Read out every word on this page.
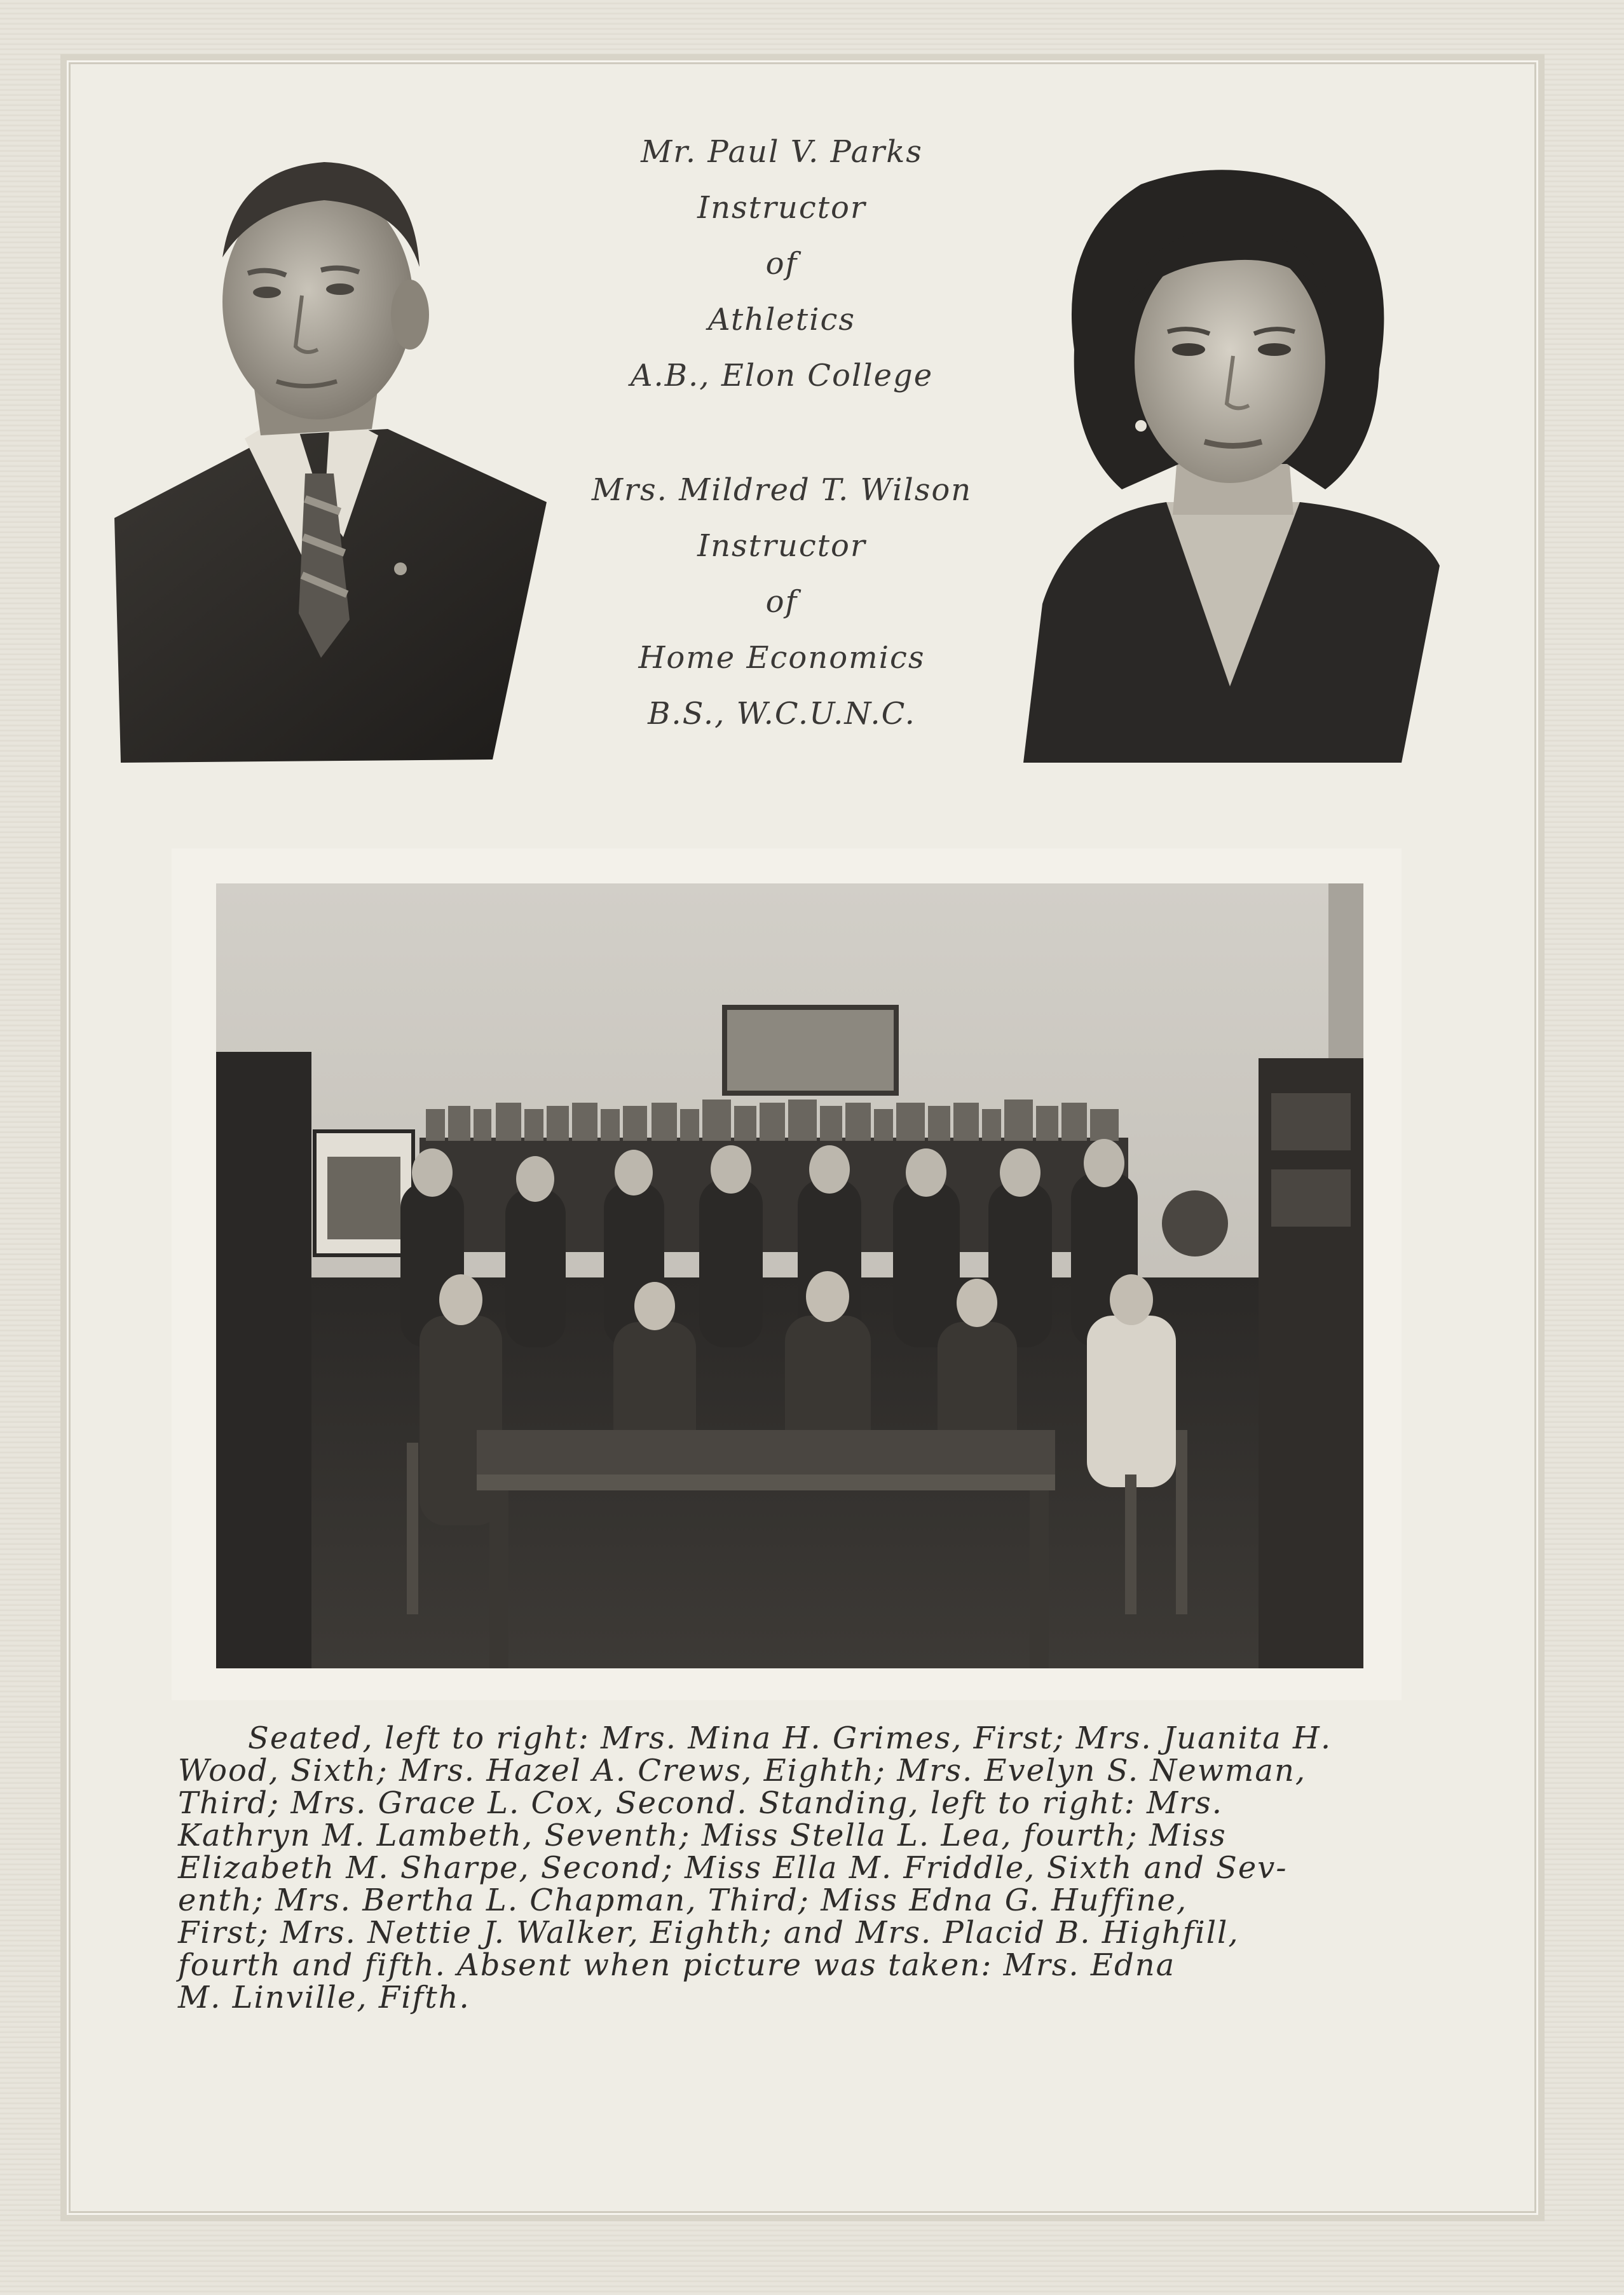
Mr. Paul V. Parks
Instructor
of
Athletics
A.B., Elon College
Mrs. Mildred T. Wilson
Instructor
of
Home Economics
B.S., W.C.U.N.C.
Seated, left to right: Mrs. Mina H. Grimes, First; Mrs. Juanita H.
Wood, Sixth; Mrs. Hazel A. Crews, Eighth; Mrs. Evelyn S. Newman,
Third; Mrs. Grace L. Cox, Second. Standing, left to right: Mrs.
Kathryn M. Lambeth, Seventh; Miss Stella L. Lea, fourth; Miss
Elizabeth M. Sharpe, Second; Miss Ella M. Friddle, Sixth and Sev-
enth; Mrs. Bertha L. Chapman, Third; Miss Edna G. Huffine,
First; Mrs. Nettie J. Walker, Eighth; and Mrs. Placid B. Highfill,
fourth and fifth. Absent when picture was taken: Mrs. Edna
M. Linville, Fifth.
